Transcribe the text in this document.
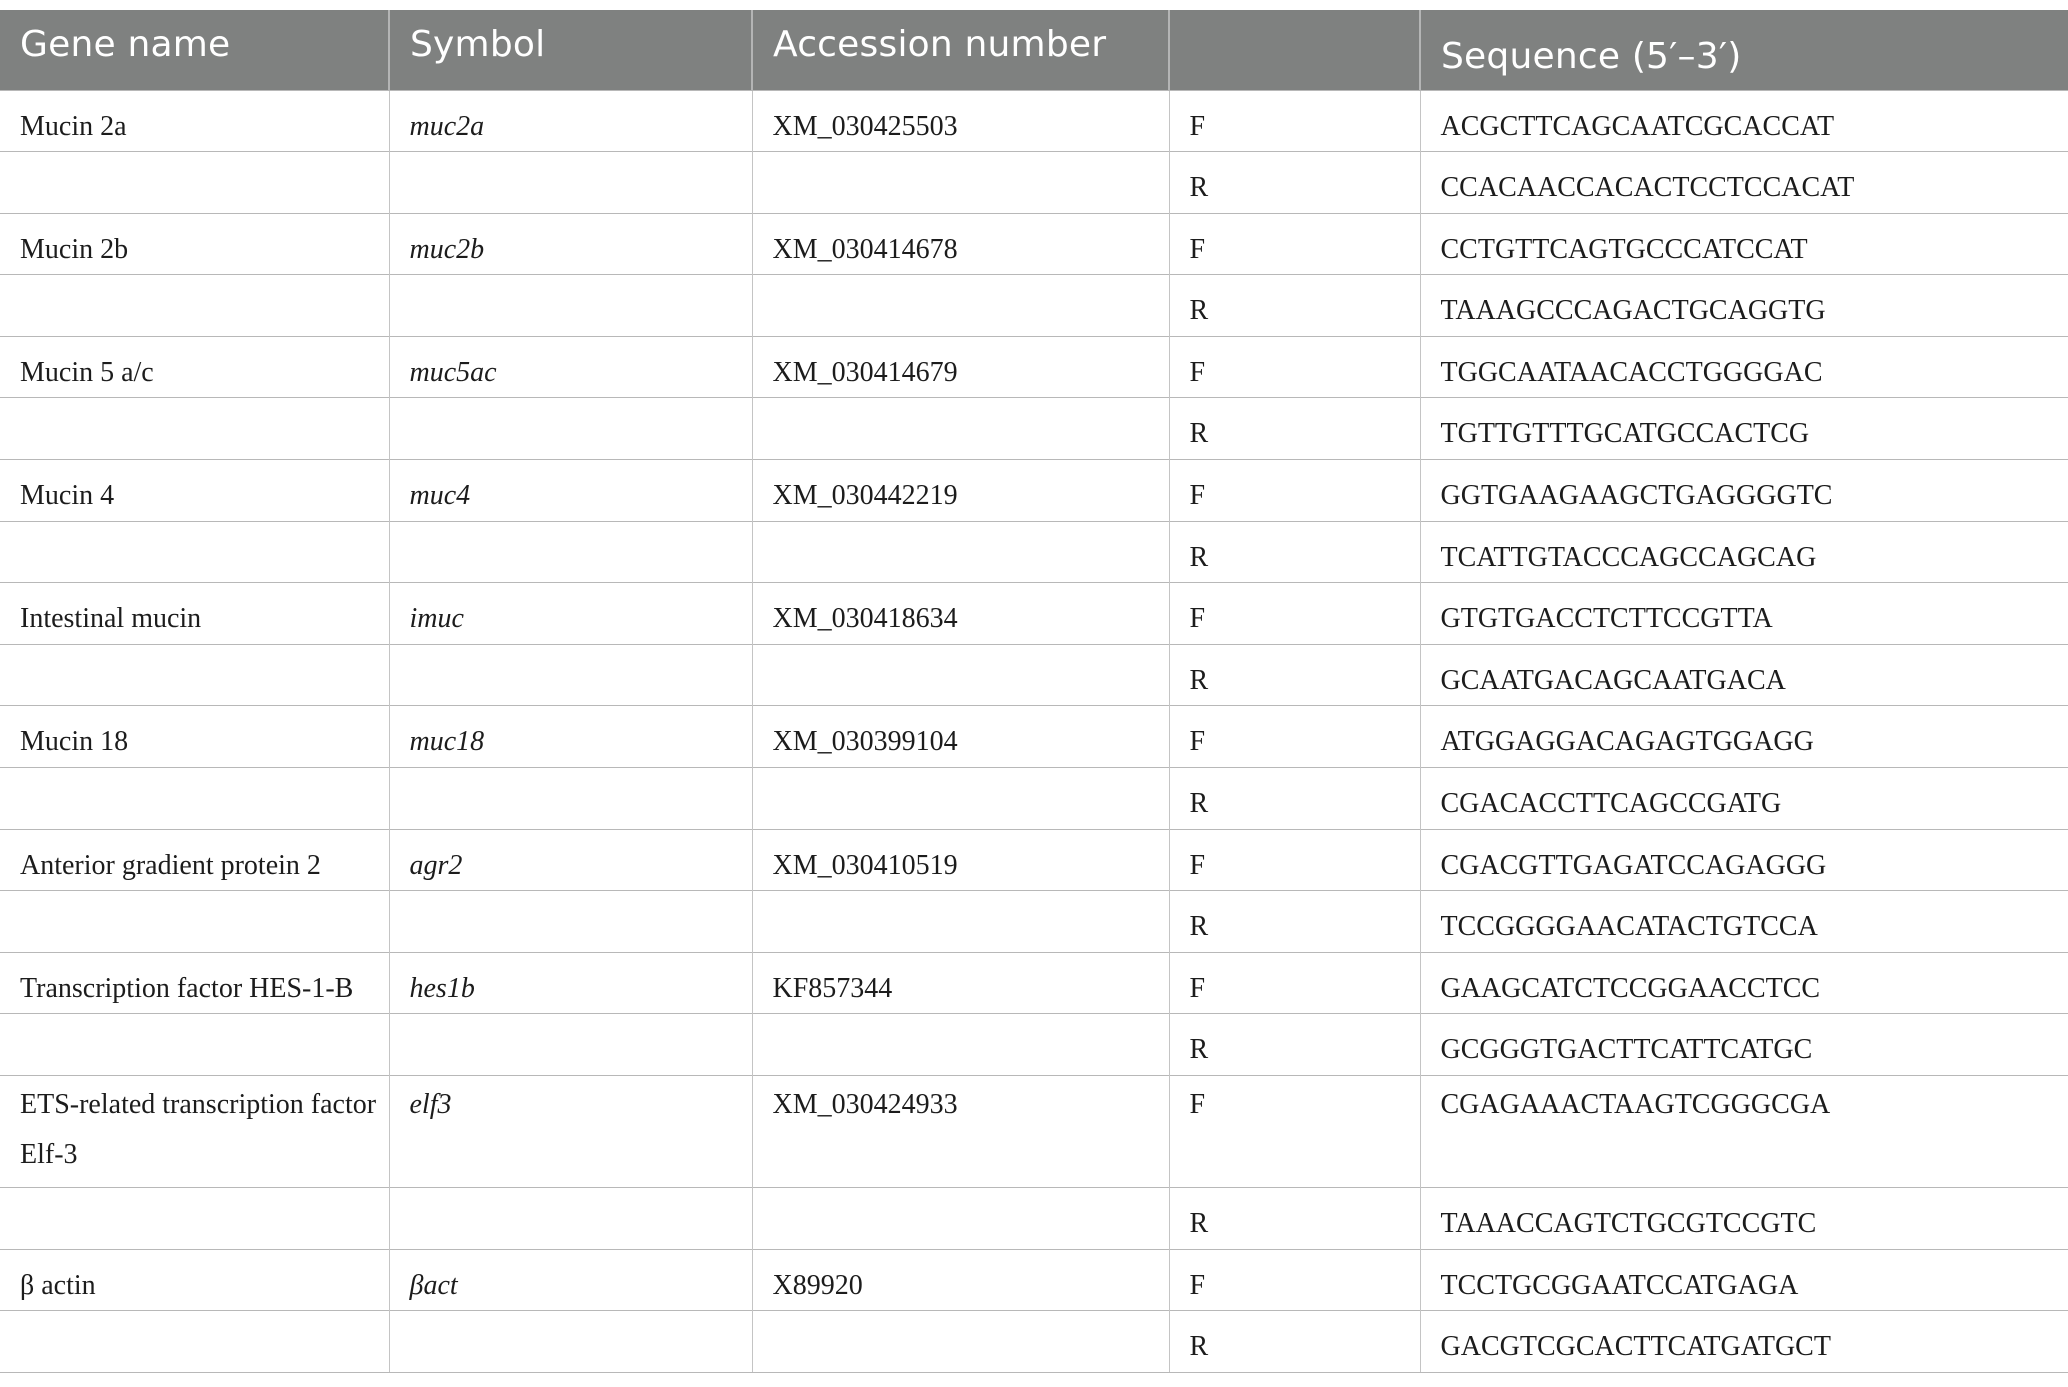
Gene name	Symbol	Accession number		Sequence (5′–3′)
Mucin 2a	muc2a	XM_030425503	F	ACGCTTCAGCAATCGCACCAT
			R	CCACAACCACACTCCTCCACAT
Mucin 2b	muc2b	XM_030414678	F	CCTGTTCAGTGCCCATCCAT
			R	TAAAGCCCAGACTGCAGGTG
Mucin 5 a/c	muc5ac	XM_030414679	F	TGGCAATAACACCTGGGGAC
			R	TGTTGTTTGCATGCCACTCG
Mucin 4	muc4	XM_030442219	F	GGTGAAGAAGCTGAGGGGTC
			R	TCATTGTACCCAGCCAGCAG
Intestinal mucin	imuc	XM_030418634	F	GTGTGACCTCTTCCGTTA
			R	GCAATGACAGCAATGACA
Mucin 18	muc18	XM_030399104	F	ATGGAGGACAGAGTGGAGG
			R	CGACACCTTCAGCCGATG
Anterior gradient protein 2	agr2	XM_030410519	F	CGACGTTGAGATCCAGAGGG
			R	TCCGGGGAACATACTGTCCA
Transcription factor HES-1-B	hes1b	KF857344	F	GAAGCATCTCCGGAACCTCC
			R	GCGGGTGACTTCATTCATGC
ETS-related transcription factor Elf-3	elf3	XM_030424933	F	CGAGAAACTAAGTCGGGCGA
			R	TAAACCAGTCTGCGTCCGTC
β actin	βact	X89920	F	TCCTGCGGAATCCATGAGA
			R	GACGTCGCACTTCATGATGCT
